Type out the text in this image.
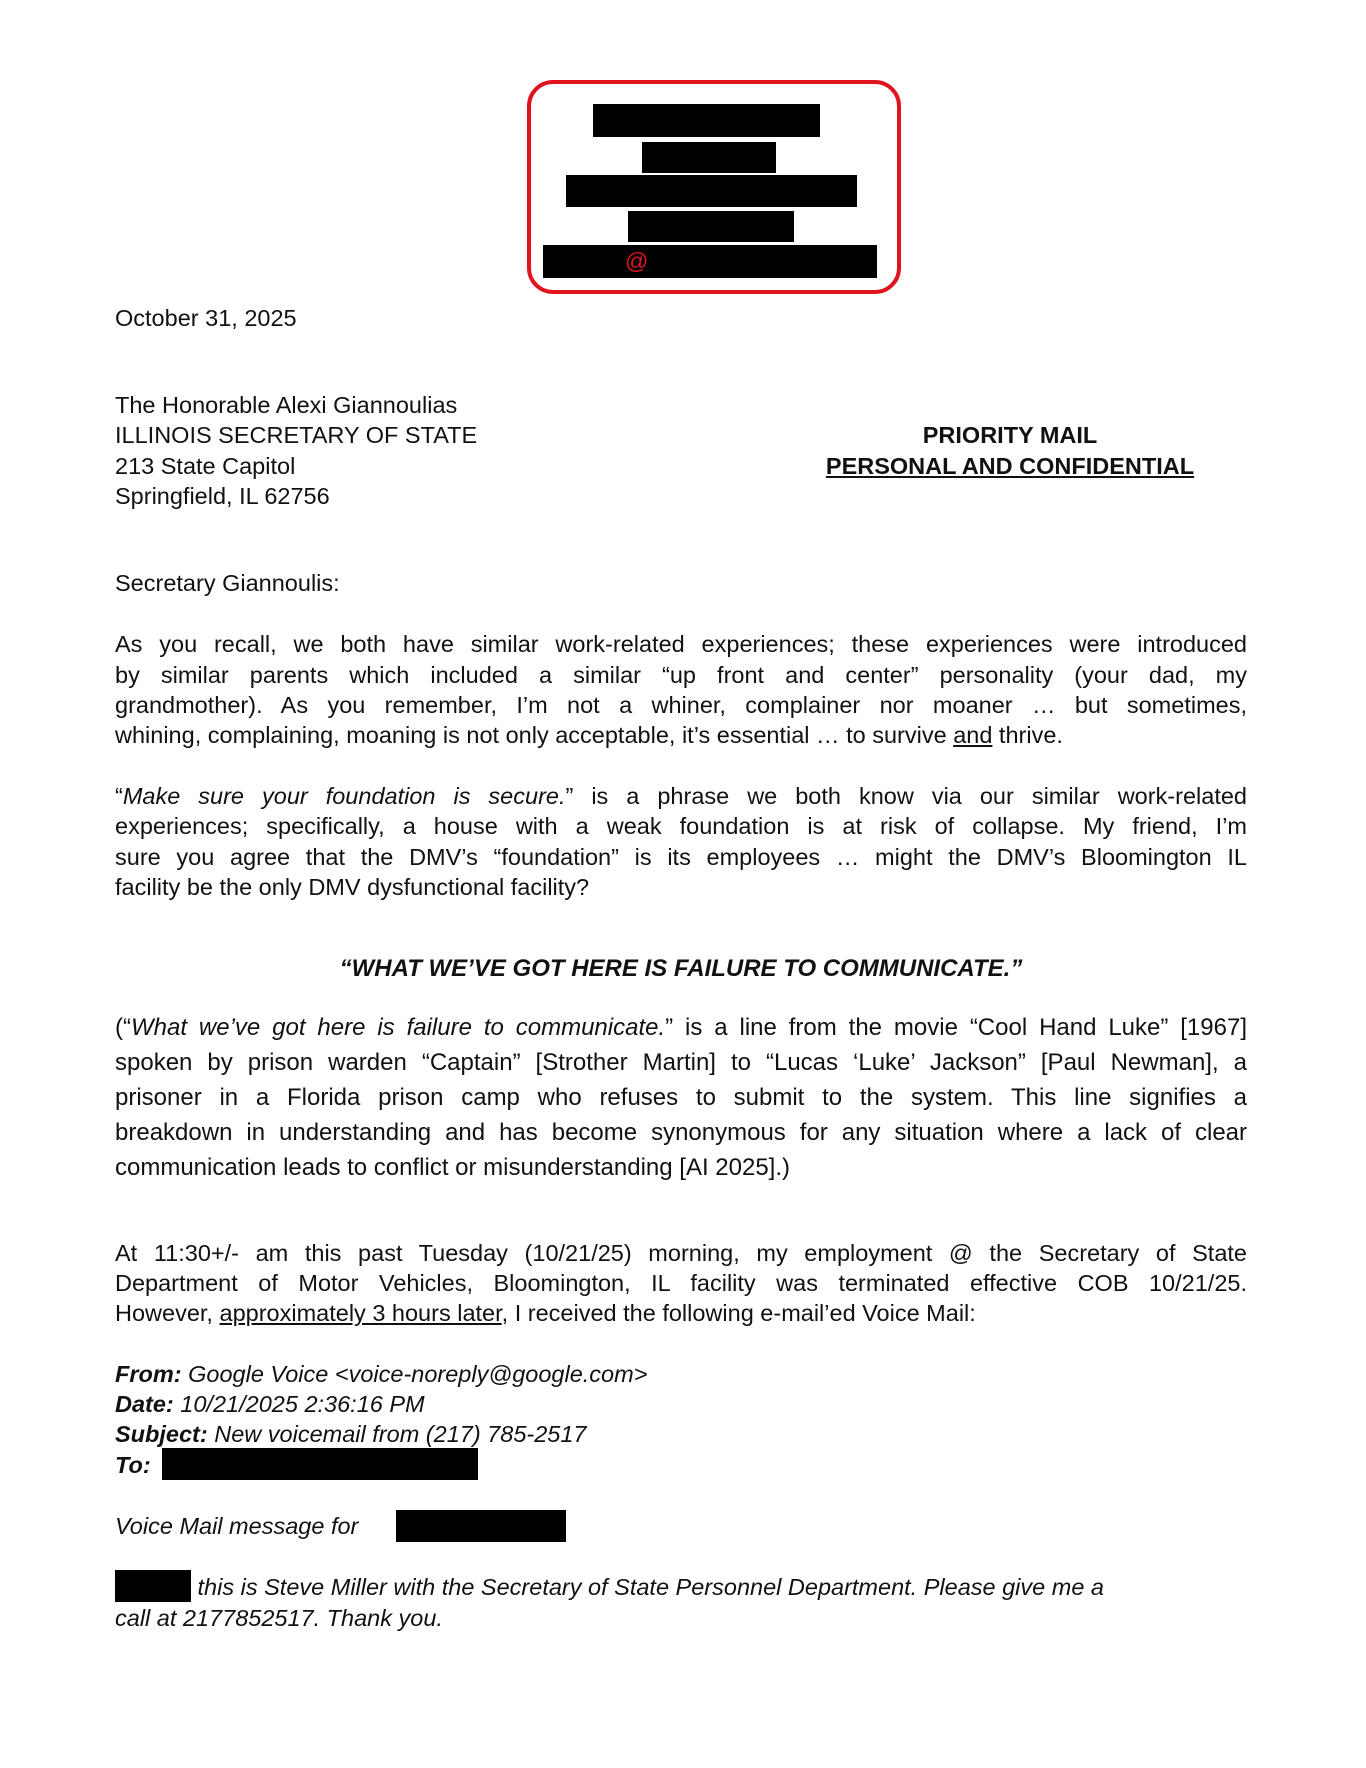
@
October 31, 2025
The Honorable Alexi Giannoulias
ILLINOIS SECRETARY OF STATE
213 State Capitol
Springfield, IL 62756
PRIORITY MAIL
PERSONAL AND CONFIDENTIAL
Secretary Giannoulis:
As you recall, we both have similar work-related experiences; these experiences were introduced
by similar parents which included a similar “up front and center” personality (your dad, my
grandmother). As you remember, I’m not a whiner, complainer nor moaner … but sometimes,
whining, complaining, moaning is not only acceptable, it’s essential … to survive and thrive.
“Make sure your foundation is secure.” is a phrase we both know via our similar work-related
experiences; specifically, a house with a weak foundation is at risk of collapse. My friend, I’m
sure you agree that the DMV’s “foundation” is its employees … might the DMV’s Bloomington IL
facility be the only DMV dysfunctional facility?
“WHAT WE’VE GOT HERE IS FAILURE TO COMMUNICATE.”
(“What we’ve got here is failure to communicate.” is a line from the movie “Cool Hand Luke” [1967]
spoken by prison warden “Captain” [Strother Martin] to “Lucas ‘Luke’ Jackson” [Paul Newman], a
prisoner in a Florida prison camp who refuses to submit to the system. This line signifies a
breakdown in understanding and has become synonymous for any situation where a lack of clear
communication leads to conflict or misunderstanding [AI 2025].)
At 11:30+/- am this past Tuesday (10/21/25) morning, my employment @ the Secretary of State
Department of Motor Vehicles, Bloomington, IL facility was terminated effective COB 10/21/25.
However, approximately 3 hours later, I received the following e-mail’ed Voice Mail:
From: Google Voice <voice-noreply@google.com>
Date: 10/21/2025 2:36:16 PM
Subject: New voicemail from (217) 785-2517
To:
Voice Mail message for
this is Steve Miller with the Secretary of State Personnel Department. Please give me a
call at 2177852517. Thank you.
